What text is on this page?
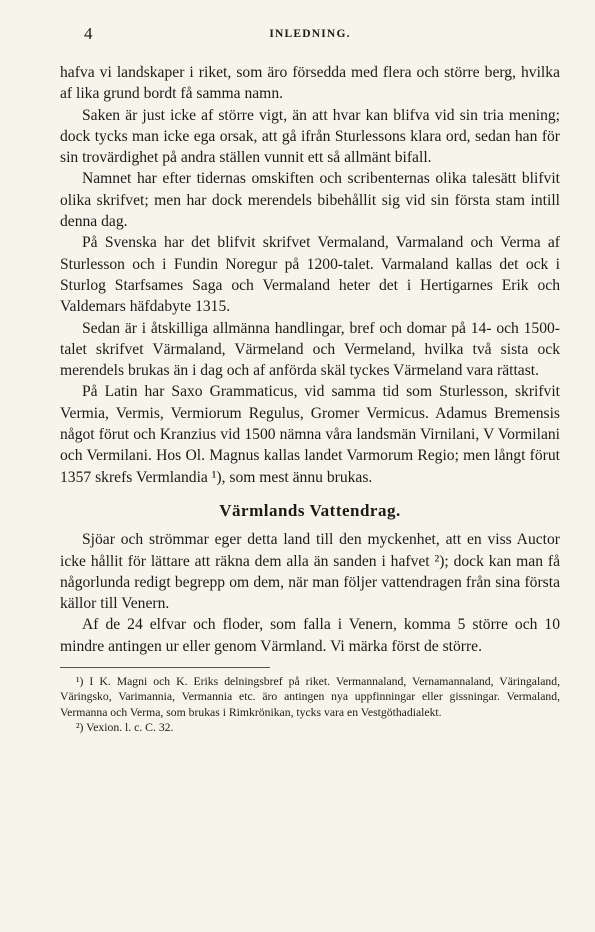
4	INLEDNING.

hafva vi landskaper i riket, som äro försedda med flera och större berg, hvilka af lika grund bordt få samma namn.

Saken är just icke af större vigt, än att hvar kan blifva vid sin tria mening; dock tycks man icke ega orsak, att gå ifrån Sturlessons klara ord, sedan han för sin trovärdighet på andra ställen vunnit ett så allmänt bifall.

Namnet har efter tidernas omskiften och scribenternas olika talesätt blifvit olika skrifvet; men har dock merendels bibehållit sig vid sin första stam intill denna dag.

På Svenska har det blifvit skrifvet Vermaland, Varmaland och Verma af Sturlesson och i Fundin Noregur på 1200-talet. Varmaland kallas det ock i Sturlog Starfsames Saga och Vermaland heter det i Hertigarnes Erik och Valdemars häfdabyte 1315.

Sedan är i åtskilliga allmänna handlingar, bref och domar på 14- och 1500-talet skrifvet Värmaland, Värmeland och Vermeland, hvilka två sista ock merendels brukas än i dag och af anförda skäl tyckes Värmeland vara rättast.

På Latin har Saxo Grammaticus, vid samma tid som Sturlesson, skrifvit Vermia, Vermis, Vermiorum Regulus, Gromer Vermicus. Adamus Bremensis något förut och Kranzius vid 1500 nämna våra landsmän Virnilani, V Vormilani och Vermilani. Hos Ol. Magnus kallas landet Varmorum Regio; men långt förut 1357 skrefs Vermlandia ¹), som mest ännu brukas.

Värmlands Vattendrag.

Sjöar och strömmar eger detta land till den myckenhet, att en viss Auctor icke hållit för lättare att räkna dem alla än sanden i hafvet ²); dock kan man få någorlunda redigt begrepp om dem, när man följer vattendragen från sina första källor till Venern.

Af de 24 elfvar och floder, som falla i Venern, komma 5 större och 10 mindre antingen ur eller genom Värmland. Vi märka först de större.

¹) I K. Magni och K. Eriks delningsbref på riket. Vermannaland, Vernamannaland, Väringaland, Väringsko, Varimannia, Vermannia etc. äro antingen nya uppfinningar eller gissningar. Vermaland, Vermanna och Verma, som brukas i Rimkrönikan, tycks vara en Vestgöthadialekt.

²) Vexion. l. c. C. 32.
